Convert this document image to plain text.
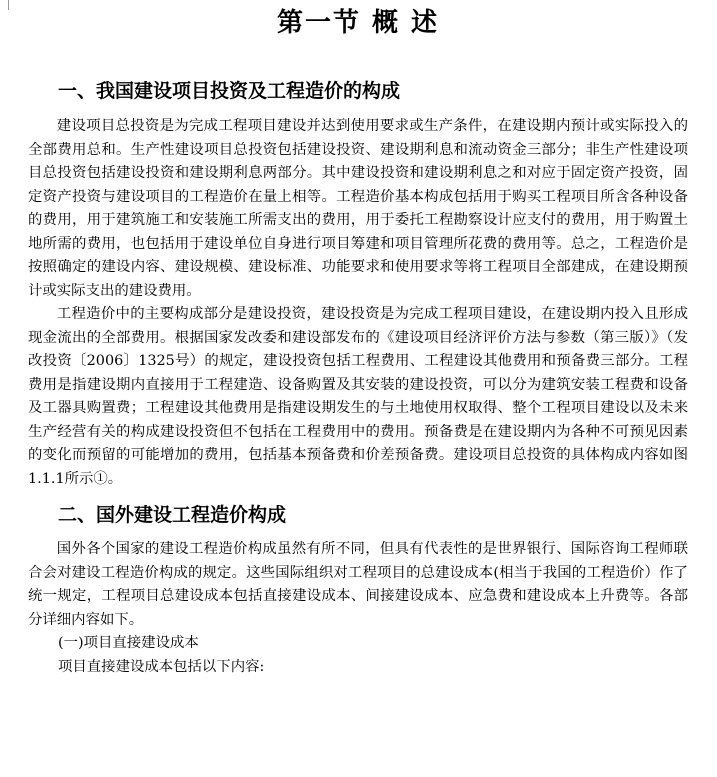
第一节 概 述
一、我国建设项目投资及工程造价的构成

建设项目总投资是为完成工程项目建设并达到使用要求或生产条件，在建设期内预计或实际投入的全部费用总和。生产性建设项目总投资包括建设投资、建设期利息和流动资金三部分；非生产性建设项目总投资包括建设投资和建设期利息两部分。其中建设投资和建设期利息之和对应于固定资产投资，固定资产投资与建设项目的工程造价在量上相等。工程造价基本构成包括用于购买工程项目所含各种设备的费用，用于建筑施工和安装施工所需支出的费用，用于委托工程勘察设计应支付的费用，用于购置土地所需的费用，也包括用于建设单位自身进行项目筹建和项目管理所花费的费用等。总之，工程造价是按照确定的建设内容、建设规模、建设标准、功能要求和使用要求等将工程项目全部建成，在建设期预计或实际支出的建设费用。

工程造价中的主要构成部分是建设投资，建设投资是为完成工程项目建设，在建设期内投入且形成现金流出的全部费用。根据国家发改委和建设部发布的《建设项目经济评价方法与参数（第三版）》（发改投资〔2006〕1325号）的规定，建设投资包括工程费用、工程建设其他费用和预备费三部分。工程费用是指建设期内直接用于工程建造、设备购置及其安装的建设投资，可以分为建筑安装工程费和设备及工器具购置费；工程建设其他费用是指建设期发生的与土地使用权取得、整个工程项目建设以及未来生产经营有关的构成建设投资但不包括在工程费用中的费用。预备费是在建设期内为各种不可预见因素的变化而预留的可能增加的费用，包括基本预备费和价差预备费。建设项目总投资的具体构成内容如图1.1.1所示①。

二、国外建设工程造价构成

国外各个国家的建设工程造价构成虽然有所不同，但具有代表性的是世界银行、国际咨询工程师联合会对建设工程造价构成的规定。这些国际组织对工程项目的总建设成本(相当于我国的工程造价）作了统一规定，工程项目总建设成本包括直接建设成本、间接建设成本、应急费和建设成本上升费等。各部分详细内容如下。

(一)项目直接建设成本

项目直接建设成本包括以下内容:
